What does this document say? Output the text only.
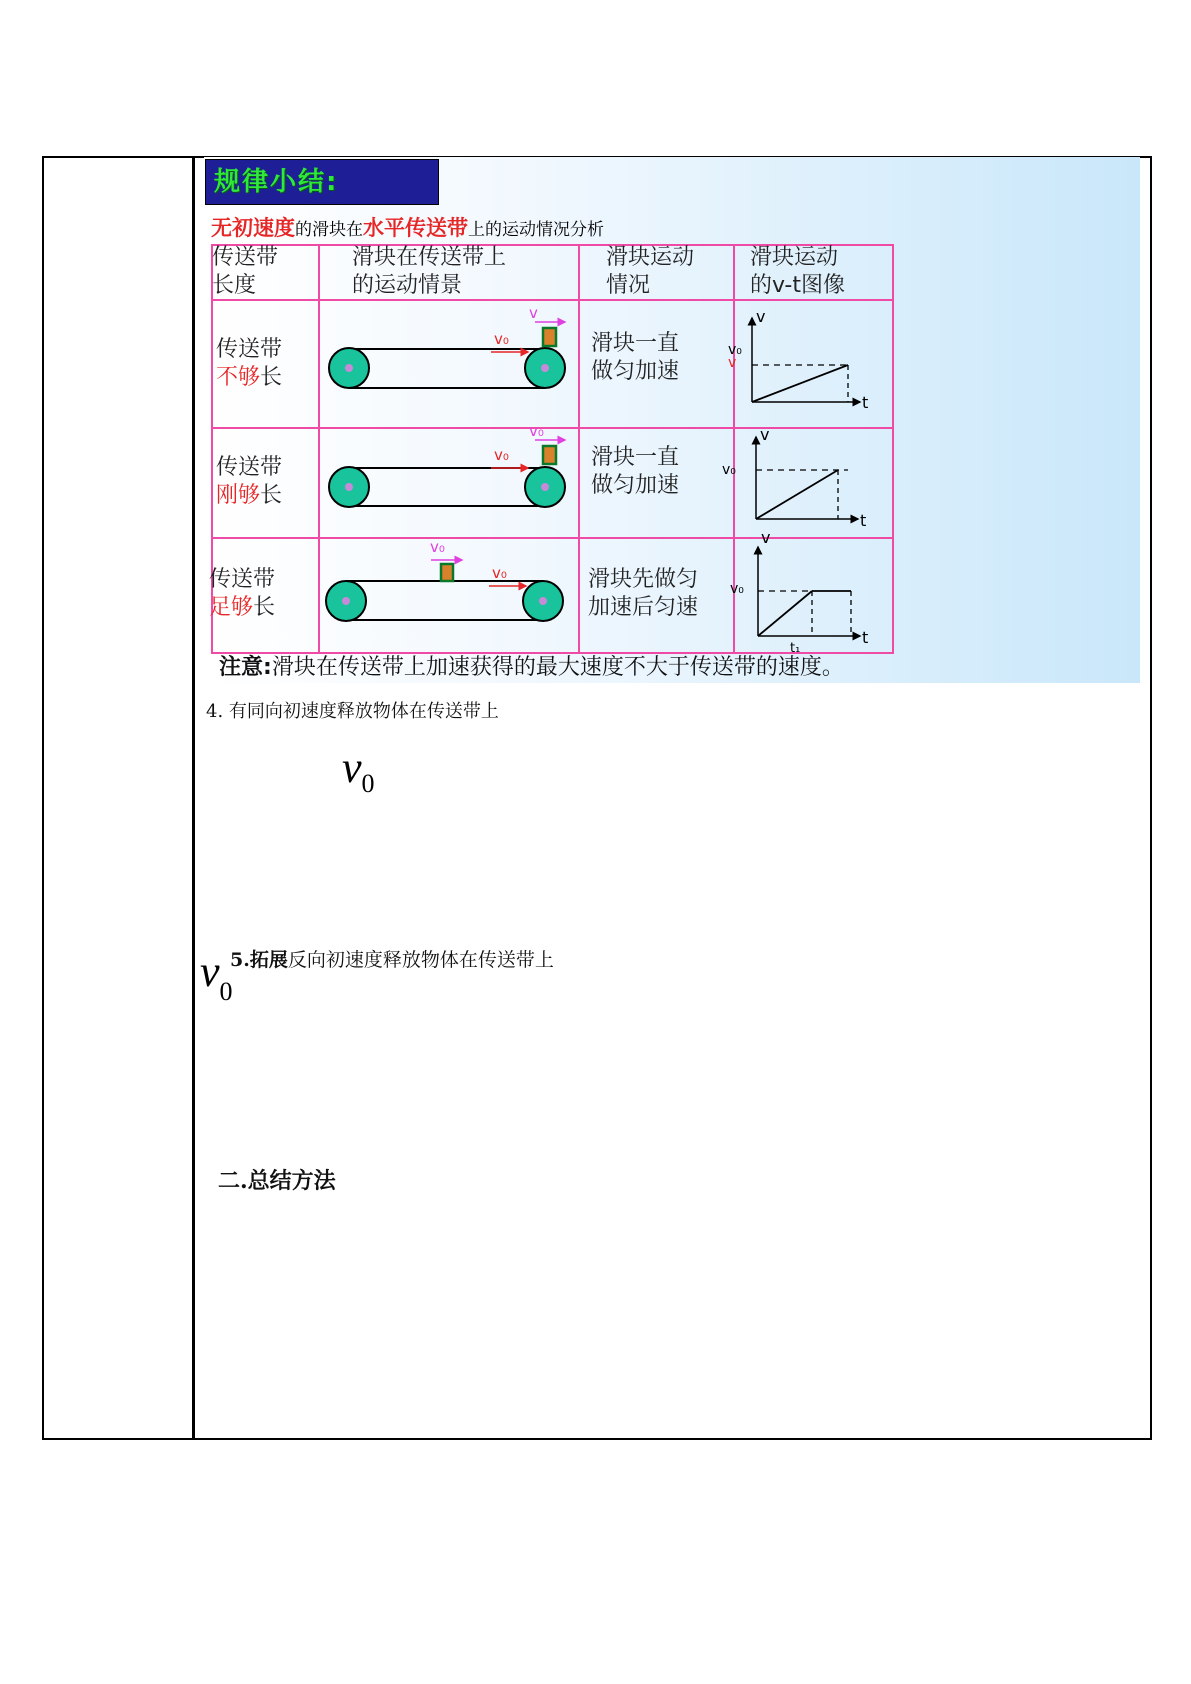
规律小结:
无初速度的滑块在水平传送带上的运动情况分析
传送带
长度
滑块在传送带上
的运动情景
滑块运动
情况
滑块运动
的v-t图像
传送带
不够长
滑块一直
做匀加速
传送带
刚够长
滑块一直
做匀加速
传送带
足够长
滑块先做匀
加速后匀速
v
v₀
v₀
v₀
v₀
v₀
v
t
v₀
v
v
t
v₀
v
t
v₀
t₁
注意:滑块在传送带上加速获得的最大速度不大于传送带的速度。
4. 有同向初速度释放物体在传送带上
$v_0$
$v_0$
5.拓展反向初速度释放物体在传送带上
二.总结方法
